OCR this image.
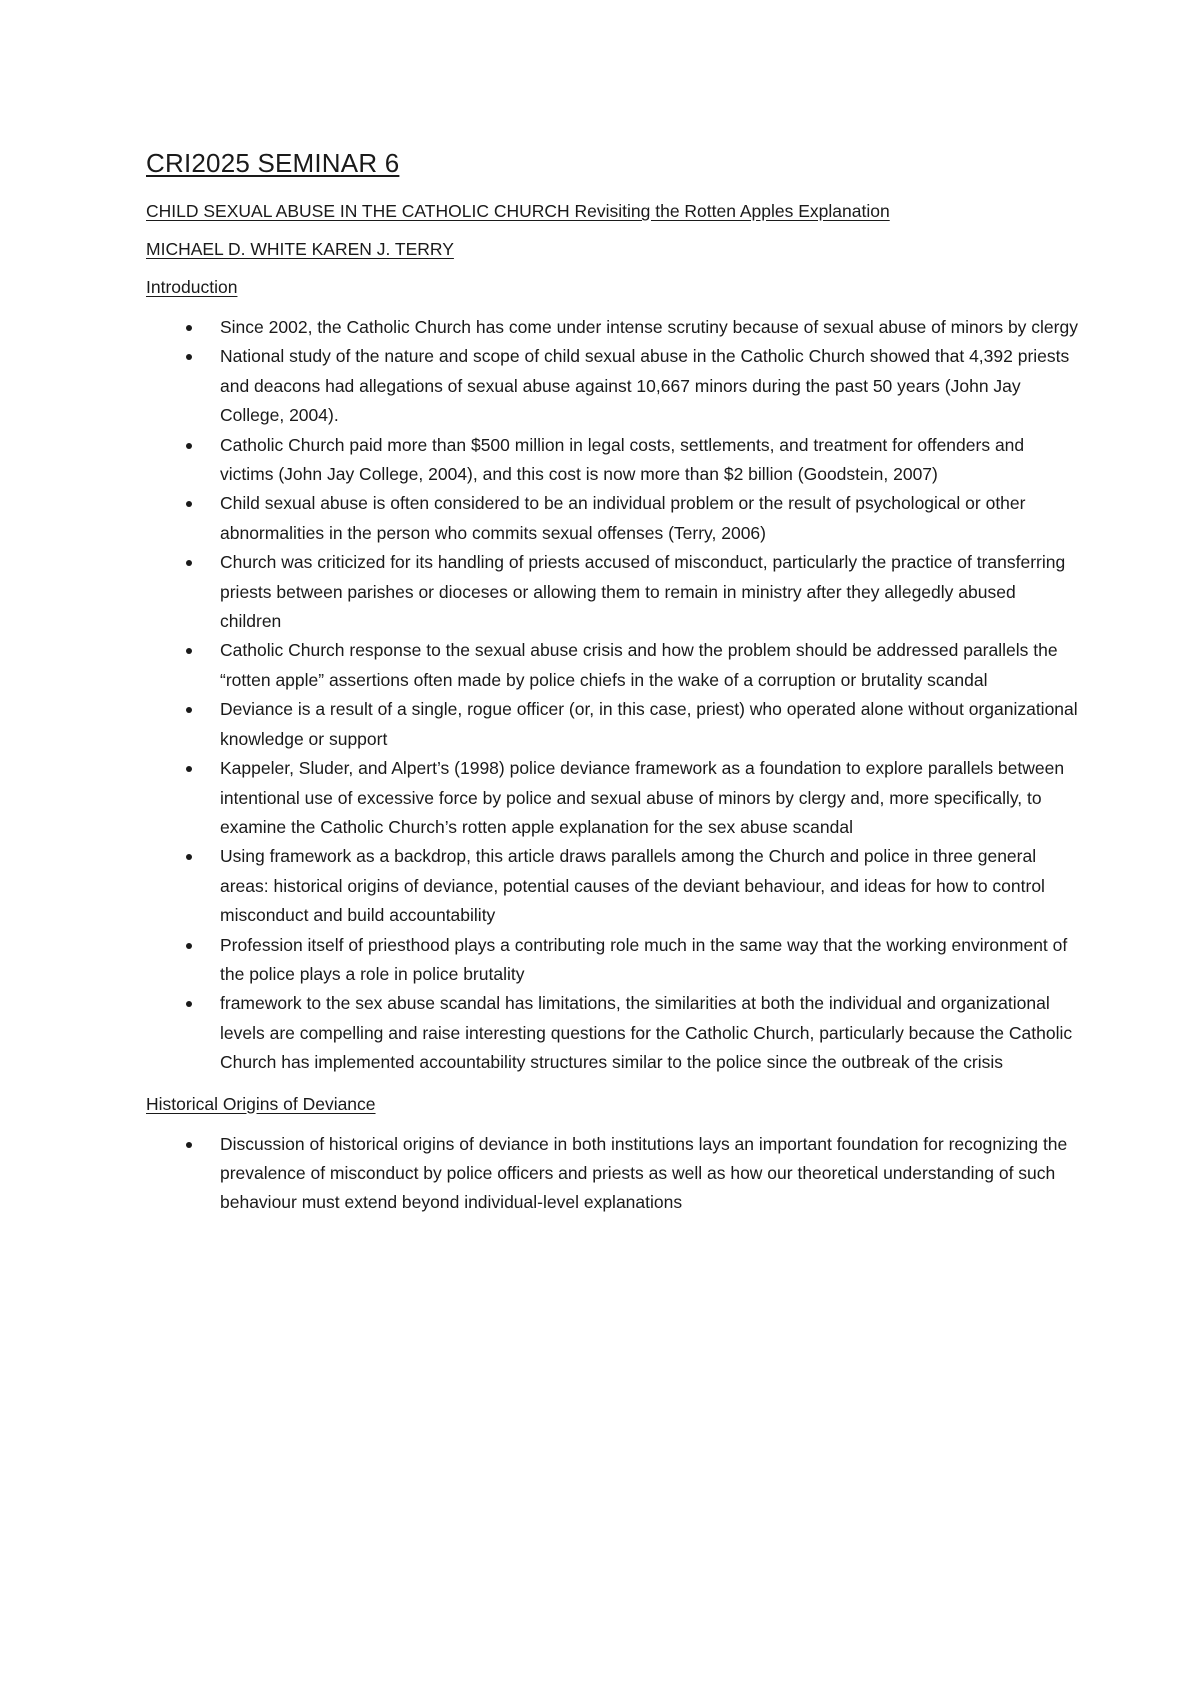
CRI2025 SEMINAR 6

CHILD SEXUAL ABUSE IN THE CATHOLIC CHURCH Revisiting the Rotten Apples Explanation

MICHAEL D. WHITE KAREN J. TERRY

Introduction

Since 2002, the Catholic Church has come under intense scrutiny because of sexual abuse of minors by clergy
National study of the nature and scope of child sexual abuse in the Catholic Church showed that 4,392 priests and deacons had allegations of sexual abuse against 10,667 minors during the past 50 years (John Jay College, 2004).
Catholic Church paid more than $500 million in legal costs, settlements, and treatment for offenders and victims (John Jay College, 2004), and this cost is now more than $2 billion (Goodstein, 2007)
Child sexual abuse is often considered to be an individual problem or the result of psychological or other abnormalities in the person who commits sexual offenses (Terry, 2006)
Church was criticized for its handling of priests accused of misconduct, particularly the practice of transferring priests between parishes or dioceses or allowing them to remain in ministry after they allegedly abused children
Catholic Church response to the sexual abuse crisis and how the problem should be addressed parallels the “rotten apple” assertions often made by police chiefs in the wake of a corruption or brutality scandal
Deviance is a result of a single, rogue officer (or, in this case, priest) who operated alone without organizational knowledge or support
Kappeler, Sluder, and Alpert’s (1998) police deviance framework as a foundation to explore parallels between intentional use of excessive force by police and sexual abuse of minors by clergy and, more specifically, to examine the Catholic Church’s rotten apple explanation for the sex abuse scandal
Using framework as a backdrop, this article draws parallels among the Church and police in three general areas: historical origins of deviance, potential causes of the deviant behaviour, and ideas for how to control misconduct and build accountability
Profession itself of priesthood plays a contributing role much in the same way that the working environment of the police plays a role in police brutality
framework to the sex abuse scandal has limitations, the similarities at both the individual and organizational levels are compelling and raise interesting questions for the Catholic Church, particularly because the Catholic Church has implemented accountability structures similar to the police since the outbreak of the crisis

Historical Origins of Deviance

Discussion of historical origins of deviance in both institutions lays an important foundation for recognizing the prevalence of misconduct by police officers and priests as well as how our theoretical understanding of such behaviour must extend beyond individual-level explanations
